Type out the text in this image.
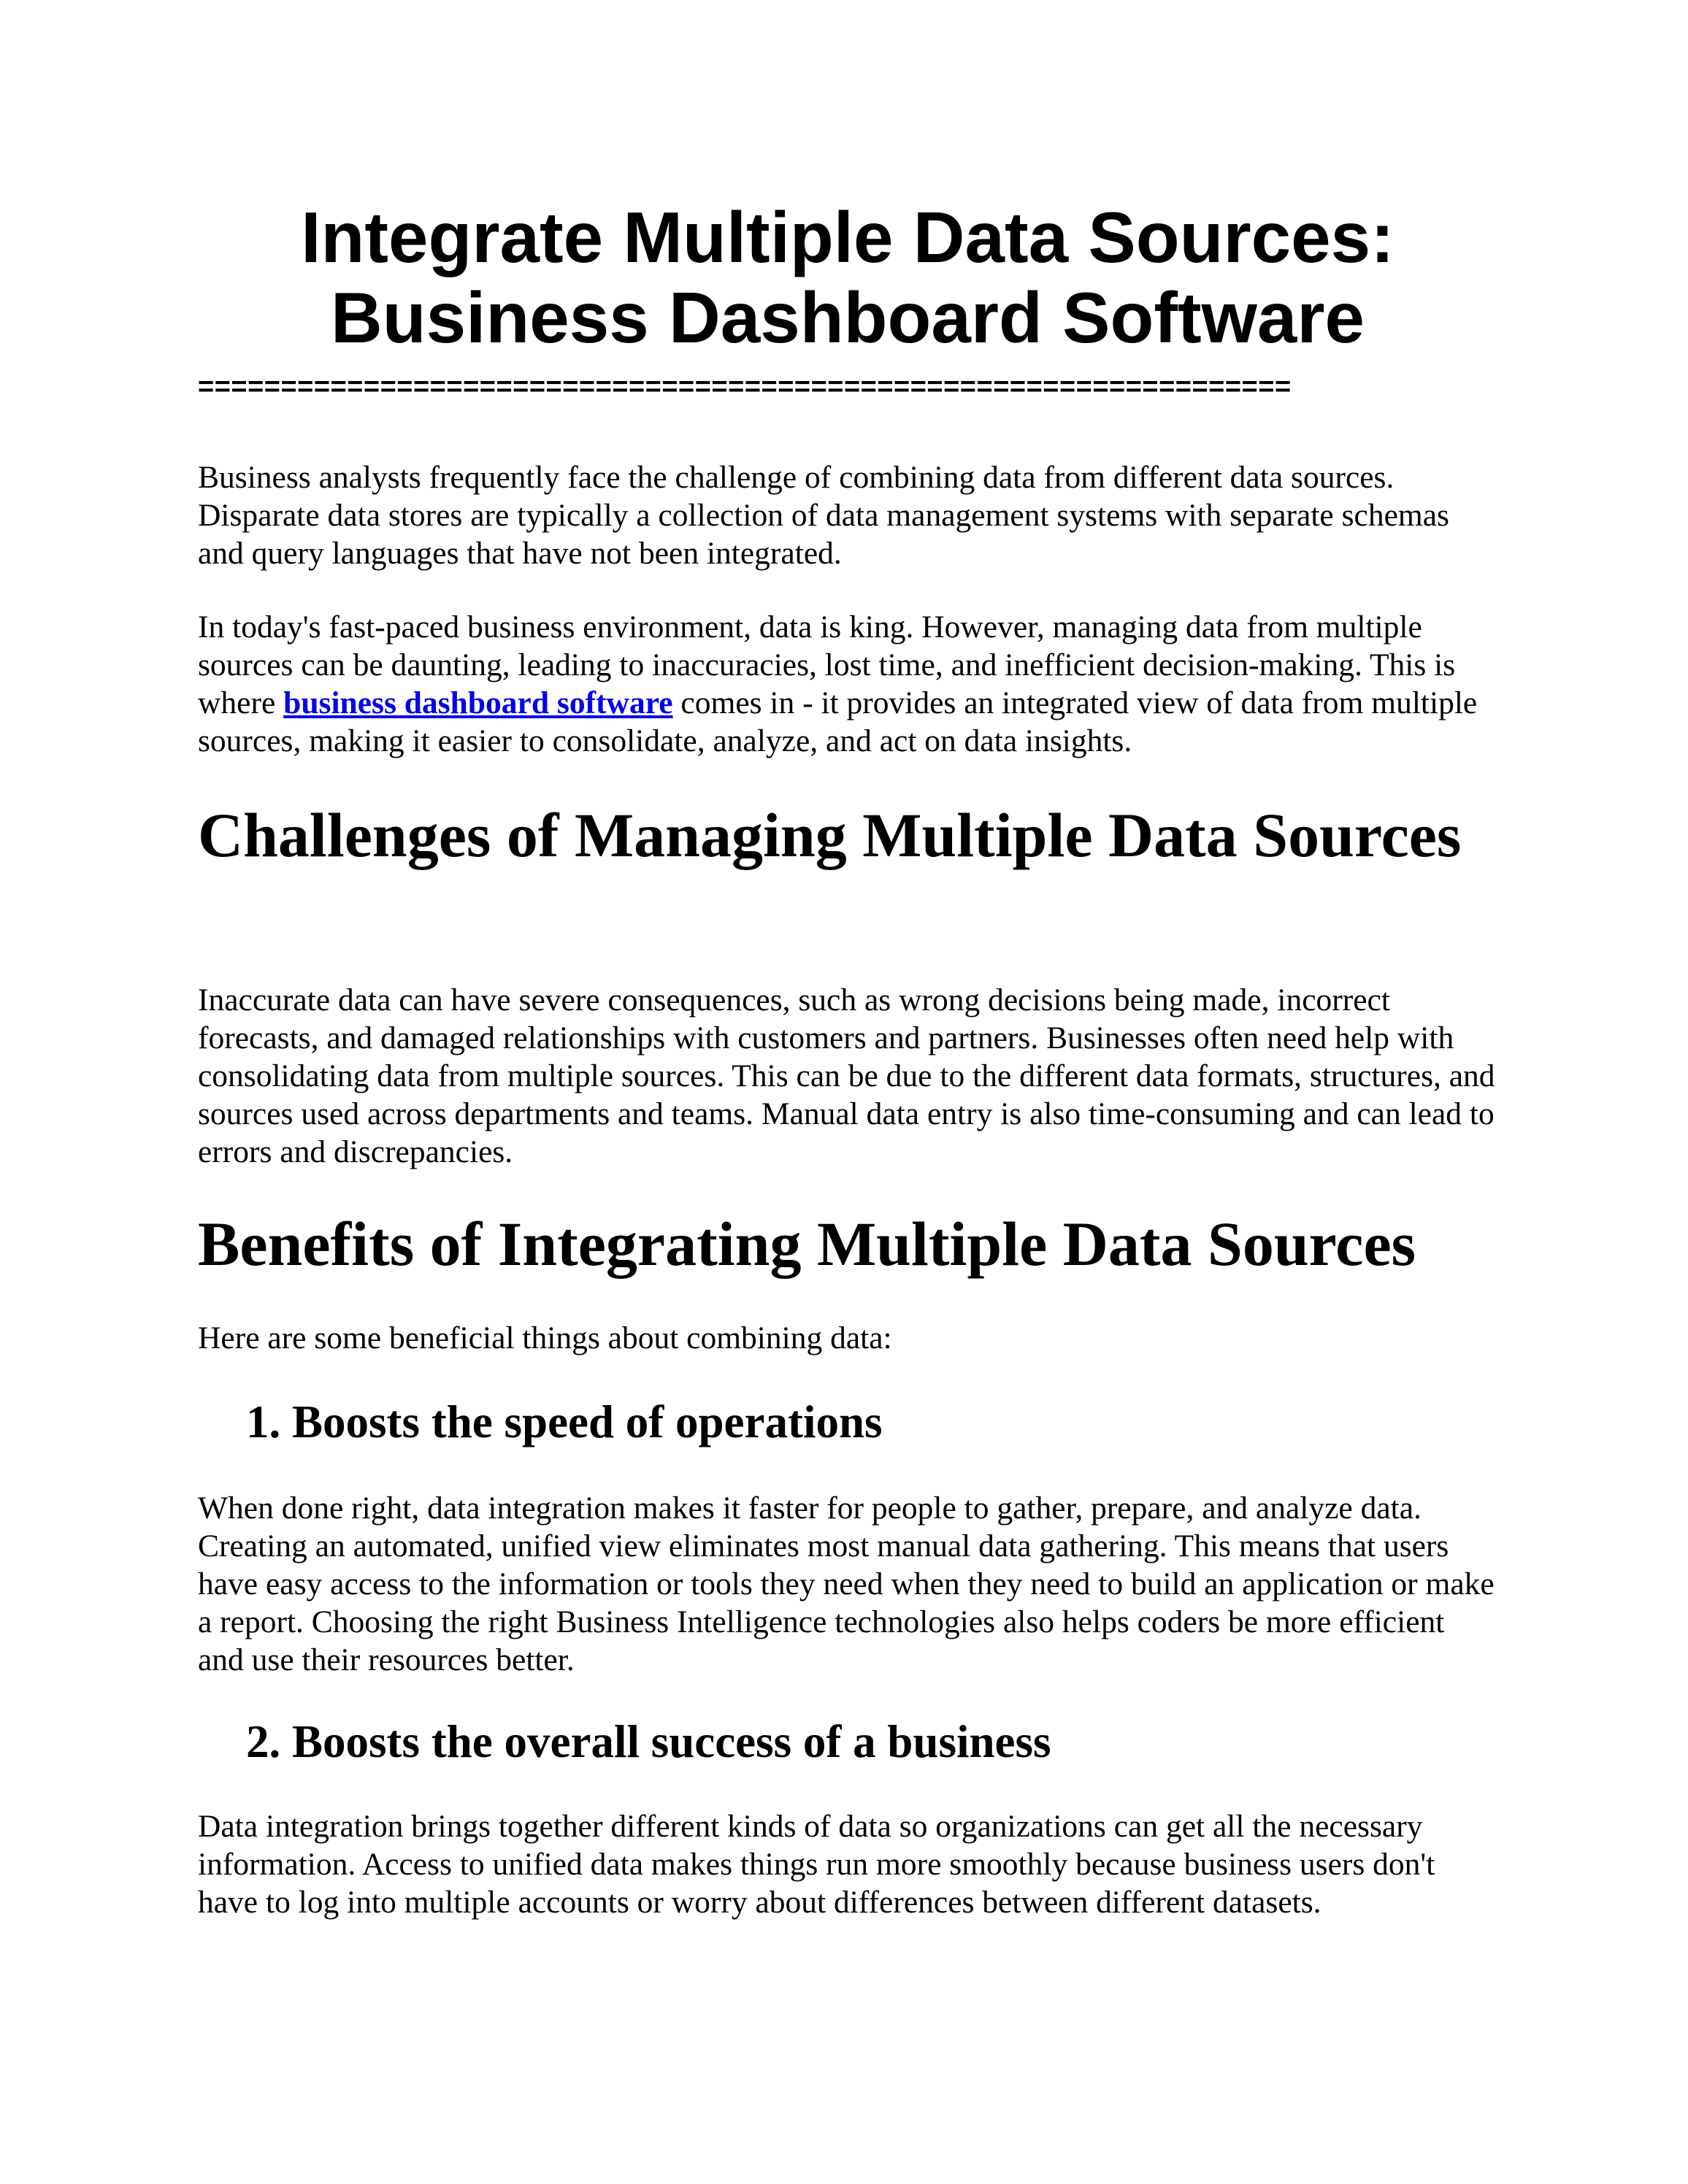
Integrate Multiple Data Sources:
Business Dashboard Software
==================================================================

Business analysts frequently face the challenge of combining data from different data sources. Disparate data stores are typically a collection of data management systems with separate schemas and query languages that have not been integrated.

In today's fast-paced business environment, data is king. However, managing data from multiple sources can be daunting, leading to inaccuracies, lost time, and inefficient decision-making. This is where business dashboard software comes in - it provides an integrated view of data from multiple sources, making it easier to consolidate, analyze, and act on data insights.

Challenges of Managing Multiple Data Sources

Inaccurate data can have severe consequences, such as wrong decisions being made, incorrect forecasts, and damaged relationships with customers and partners. Businesses often need help with consolidating data from multiple sources. This can be due to the different data formats, structures, and sources used across departments and teams. Manual data entry is also time-consuming and can lead to errors and discrepancies.

Benefits of Integrating Multiple Data Sources

Here are some beneficial things about combining data:

1. Boosts the speed of operations

When done right, data integration makes it faster for people to gather, prepare, and analyze data. Creating an automated, unified view eliminates most manual data gathering. This means that users have easy access to the information or tools they need when they need to build an application or make a report. Choosing the right Business Intelligence technologies also helps coders be more efficient and use their resources better.

2. Boosts the overall success of a business

Data integration brings together different kinds of data so organizations can get all the necessary information. Access to unified data makes things run more smoothly because business users don't have to log into multiple accounts or worry about differences between different datasets.
